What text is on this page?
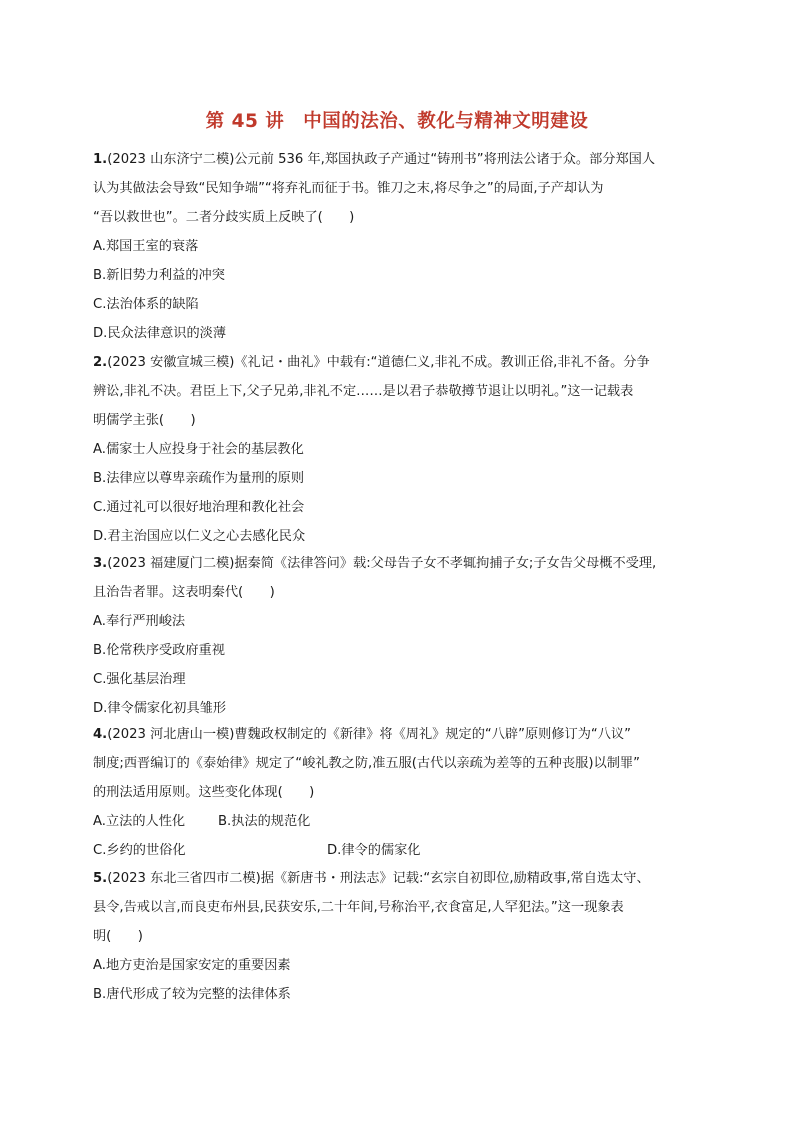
第 45 讲　中国的法治、教化与精神文明建设
1.(2023 山东济宁二模)公元前 536 年,郑国执政子产通过“铸刑书”将刑法公诸于众。部分郑国人
认为其做法会导致“民知争端”“将弃礼而征于书。锥刀之末,将尽争之”的局面,子产却认为
“吾以救世也”。二者分歧实质上反映了(　　)
A.郑国王室的衰落
B.新旧势力利益的冲突
C.法治体系的缺陷
D.民众法律意识的淡薄
2.(2023 安徽宣城三模)《礼记・曲礼》中载有:“道德仁义,非礼不成。教训正俗,非礼不备。分争
辨讼,非礼不决。君臣上下,父子兄弟,非礼不定……是以君子恭敬撙节退让以明礼。”这一记载表
明儒学主张(　　)
A.儒家士人应投身于社会的基层教化
B.法律应以尊卑亲疏作为量刑的原则
C.通过礼可以很好地治理和教化社会
D.君主治国应以仁义之心去感化民众
3.(2023 福建厦门二模)据秦简《法律答问》载:父母告子女不孝辄拘捕子女;子女告父母概不受理,
且治告者罪。这表明秦代(　　)
A.奉行严刑峻法
B.伦常秩序受政府重视
C.强化基层治理
D.律令儒家化初具雏形
4.(2023 河北唐山一模)曹魏政权制定的《新律》将《周礼》规定的“八辟”原则修订为“八议”
制度;西晋编订的《泰始律》规定了“峻礼教之防,准五服(古代以亲疏为差等的五种丧服)以制罪”
的刑法适用原则。这些变化体现(　　)
A.立法的人性化	B.执法的规范化
C.乡约的世俗化	D.律令的儒家化
5.(2023 东北三省四市二模)据《新唐书・刑法志》记载:“玄宗自初即位,励精政事,常自选太守、
县令,告戒以言,而良吏布州县,民获安乐,二十年间,号称治平,衣食富足,人罕犯法。”这一现象表
明(　　)
A.地方吏治是国家安定的重要因素
B.唐代形成了较为完整的法律体系
